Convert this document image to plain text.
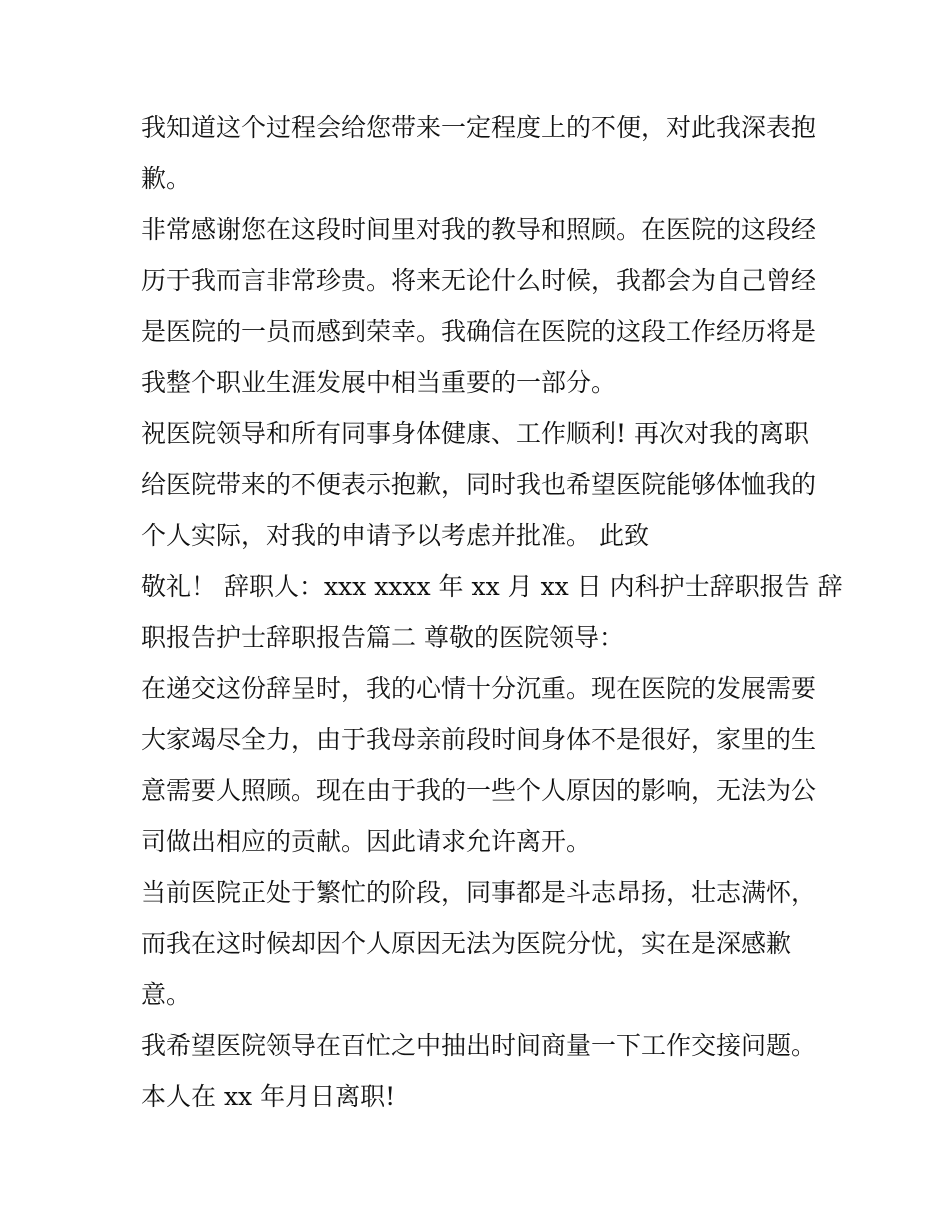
我知道这个过程会给您带来一定程度上的不便，对此我深表抱

歉。

非常感谢您在这段时间里对我的教导和照顾。在医院的这段经

历于我而言非常珍贵。将来无论什么时候，我都会为自己曾经

是医院的一员而感到荣幸。我确信在医院的这段工作经历将是

我整个职业生涯发展中相当重要的一部分。

祝医院领导和所有同事身体健康、工作顺利! 再次对我的离职

给医院带来的不便表示抱歉，同时我也希望医院能够体恤我的

个人实际，对我的申请予以考虑并批准。 此致

敬礼！ 辞职人：xxx xxxx 年 xx 月 xx 日 内科护士辞职报告 辞

职报告护士辞职报告篇二 尊敬的医院领导：

在递交这份辞呈时，我的心情十分沉重。现在医院的发展需要

大家竭尽全力，由于我母亲前段时间身体不是很好，家里的生

意需要人照顾。现在由于我的一些个人原因的影响，无法为公

司做出相应的贡献。因此请求允许离开。

当前医院正处于繁忙的阶段，同事都是斗志昂扬，壮志满怀，

而我在这时候却因个人原因无法为医院分忧，实在是深感歉

意。

我希望医院领导在百忙之中抽出时间商量一下工作交接问题。

本人在 xx 年月日离职!
